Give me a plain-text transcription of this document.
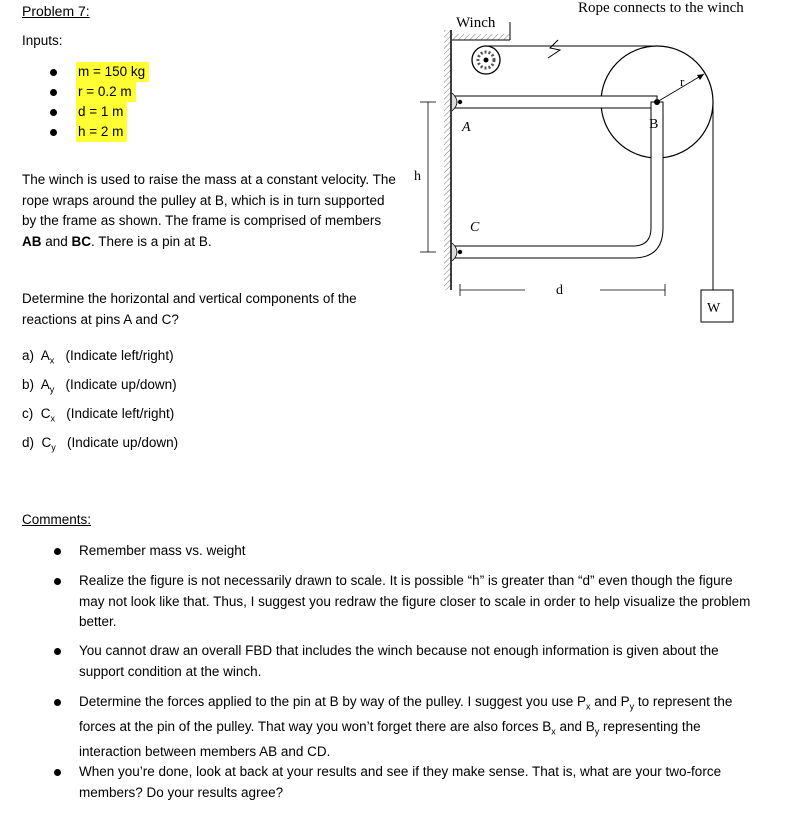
Problem 7:
Inputs:
m = 150 kg
r = 0.2 m
d = 1 m
h = 2 m
The winch is used to raise the mass at a constant velocity. The rope wraps around the pulley at B, which is in turn supported by the frame as shown. The frame is comprised of members AB and BC. There is a pin at B.
Determine the horizontal and vertical components of the reactions at pins A and C?
a)  $A_x$   (Indicate left/right)
b)  $A_y$   (Indicate up/down)
c)  $C_x$   (Indicate left/right)
d)  $C_y$   (Indicate up/down)
Comments:
Remember mass vs. weight
Realize the figure is not necessarily drawn to scale. It is possible “h” is greater than “d” even though the figure may not look like that. Thus, I suggest you redraw the figure closer to scale in order to help visualize the problem better.
You cannot draw an overall FBD that includes the winch because not enough information is given about the support condition at the winch.
Determine the forces applied to the pin at B by way of the pulley. I suggest you use $P_x$ and $P_y$ to represent the forces at the pin of the pulley. That way you won’t forget there are also forces $B_x$ and $B_y$ representing the interaction between members AB and CD.
When you’re done, look at back at your results and see if they make sense. That is, what are your two-force members? Do your results agree?
Winch
Rope connects to the winch
r
A	B
C
h
d
W
